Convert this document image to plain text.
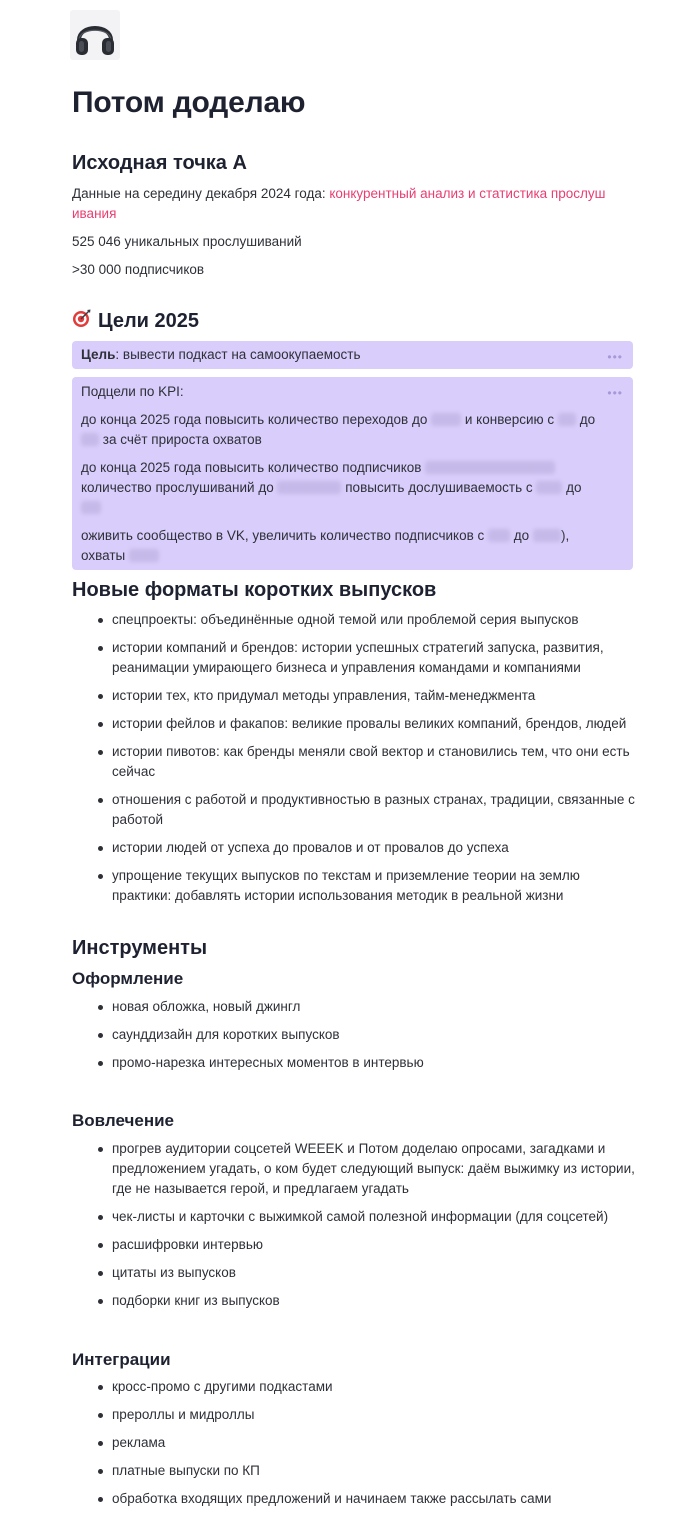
Потом доделаю
Исходная точка А
Данные на середину декабря 2024 года: конкурентный анализ и статистика прослуш
ивания
525 046 уникальных прослушиваний
>30 000 подписчиков
Цели 2025
Цель: вывести подкаст на самоокупаемость	•••
•••

Подцели по KPI:

до конца 2025 года повысить количество переходов до	и конверсию с до
за счёт прироста охватов

до конца 2025 года повысить количество подписчиков
количество прослушиваний до	повысить дослушиваемость с до

оживить сообщество в VK, увеличить количество подписчиков с до ),
охваты

Новые форматы коротких выпусков
спецпроекты: объединённые одной темой или проблемой серия выпусков
истории компаний и брендов: истории успешных стратегий запуска, развития, реанимации умирающего бизнеса и управления командами и компаниями
истории тех, кто придумал методы управления, тайм-менеджмента
истории фейлов и факапов: великие провалы великих компаний, брендов, людей
истории пивотов: как бренды меняли свой вектор и становились тем, что они есть сейчас
отношения с работой и продуктивностью в разных странах, традиции, связанные с работой
истории людей от успеха до провалов и от провалов до успеха
упрощение текущих выпусков по текстам и приземление теории на землю практики: добавлять истории использования методик в реальной жизни
Инструменты
Оформление
новая обложка, новый джингл
саунддизайн для коротких выпусков
промо-нарезка интересных моментов в интервью
Вовлечение
прогрев аудитории соцсетей WEEEK и Потом доделаю опросами, загадками и предложением угадать, о ком будет следующий выпуск: даём выжимку из истории, где не называется герой, и предлагаем угадать
чек-листы и карточки с выжимкой самой полезной информации (для соцсетей)
расшифровки интервью
цитаты из выпусков
подборки книг из выпусков
Интеграции
кросс-промо с другими подкастами
прероллы и мидроллы
реклама
платные выпуски по КП
обработка входящих предложений и начинаем также рассылать сами
